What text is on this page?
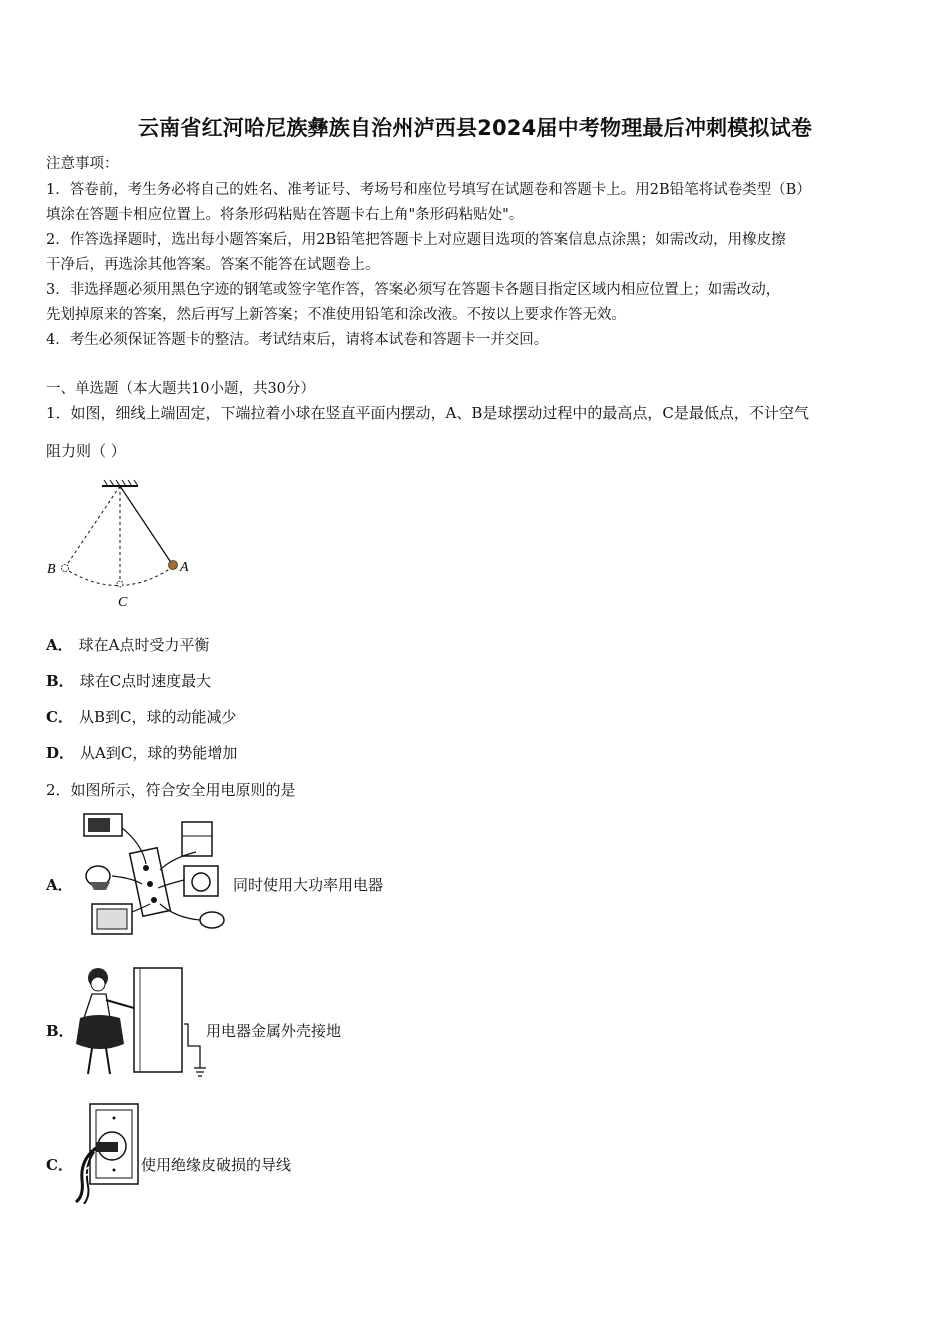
云南省红河哈尼族彝族自治州泸西县2024届中考物理最后冲刺模拟试卷
注意事项：
1．答卷前，考生务必将自己的姓名、准考证号、考场号和座位号填写在试题卷和答题卡上。用2B铅笔将试卷类型（B）
填涂在答题卡相应位置上。将条形码粘贴在答题卡右上角"条形码粘贴处"。
2．作答选择题时，选出每小题答案后，用2B铅笔把答题卡上对应题目选项的答案信息点涂黑；如需改动，用橡皮擦
干净后，再选涂其他答案。答案不能答在试题卷上。
3．非选择题必须用黑色字迹的钢笔或签字笔作答，答案必须写在答题卡各题目指定区域内相应位置上；如需改动，
先划掉原来的答案，然后再写上新答案；不准使用铅笔和涂改液。不按以上要求作答无效。
4．考生必须保证答题卡的整洁。考试结束后，请将本试卷和答题卡一并交回。
一、单选题（本大题共10小题，共30分）
1．如图，细线上端固定，下端拉着小球在竖直平面内摆动，A、B是球摆动过程中的最高点，C是最低点，不计空气
阻力则（ ）
A
B
C
A． 球在A点时受力平衡
B． 球在C点时速度最大
C． 从B到C，球的动能减少
D． 从A到C，球的势能增加
2．如图所示，符合安全用电原则的是
A．	同时使用大功率用电器
B．	用电器金属外壳接地
C．	使用绝缘皮破损的导线
